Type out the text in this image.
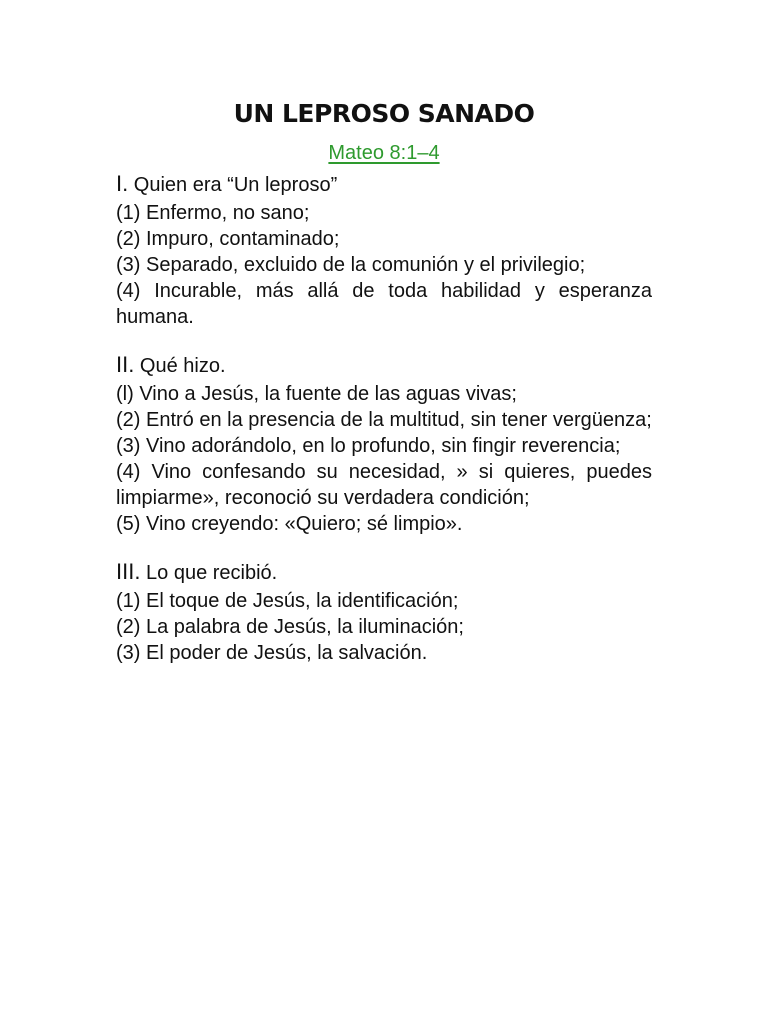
UN LEPROSO SANADO
Mateo 8:1–4

I. Quien era “Un leproso”

(1) Enfermo, no sano;

(2) Impuro, contaminado;

(3) Separado, excluido de la comunión y el privilegio;

(4) Incurable, más allá de toda habilidad y esperanza humana.

II. Qué hizo.

(l) Vino a Jesús, la fuente de las aguas vivas;

(2) Entró en la presencia de la multitud, sin tener vergüenza;

(3) Vino adorándolo, en lo profundo, sin fingir reverencia;

(4) Vino confesando su necesidad, » si quieres, puedes limpiarme», reconoció su verdadera condición;

(5) Vino creyendo: «Quiero; sé limpio».

III. Lo que recibió.

(1) El toque de Jesús, la identificación;

(2) La palabra de Jesús, la iluminación;

(3) El poder de Jesús, la salvación.
